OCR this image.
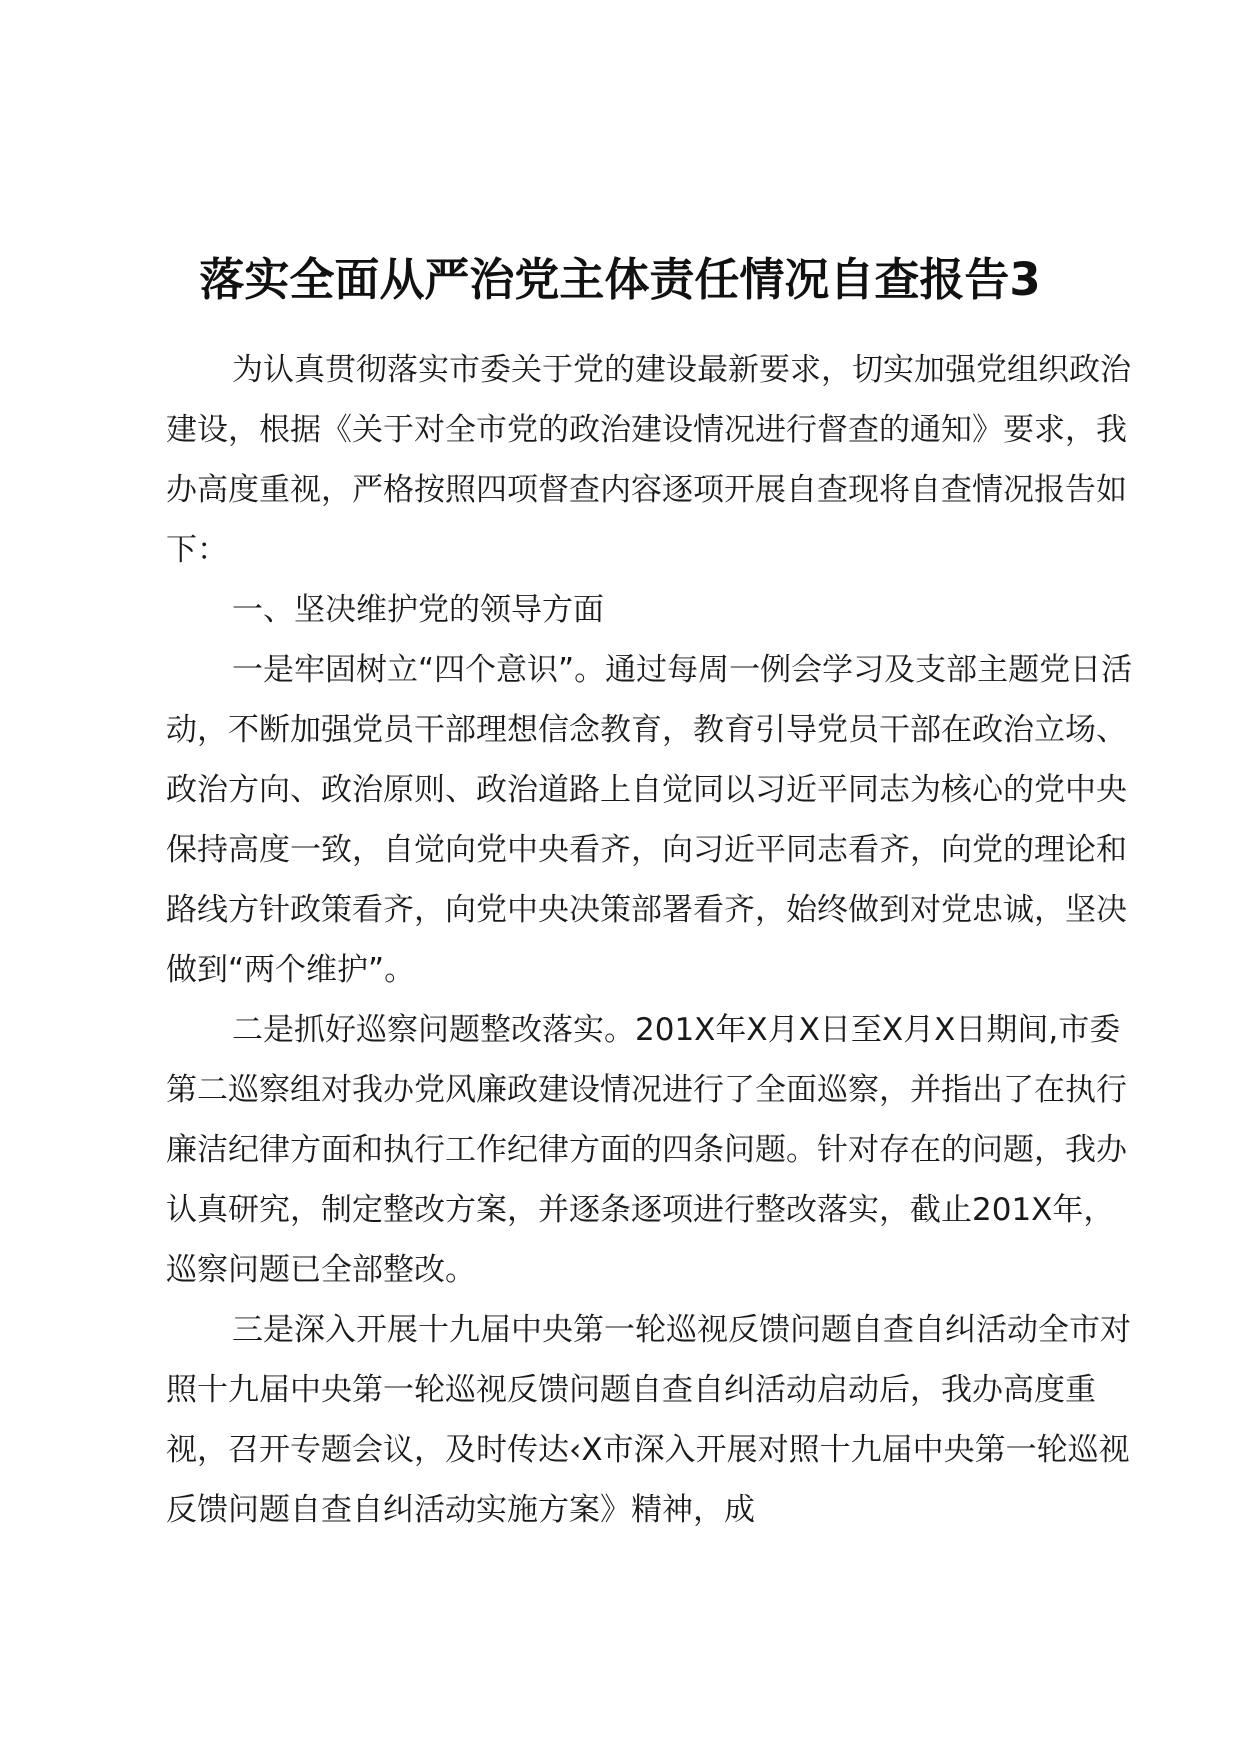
落实全面从严治党主体责任情况自查报告3

为认真贯彻落实市委关于党的建设最新要求，切实加强党组织政治建设，根据《关于对全市党的政治建设情况进行督查的通知》要求，我办高度重视，严格按照四项督查内容逐项开展自查现将自查情况报告如下：

一、坚决维护党的领导方面

一是牢固树立“四个意识”。通过每周一例会学习及支部主题党日活动，不断加强党员干部理想信念教育，教育引导党员干部在政治立场、政治方向、政治原则、政治道路上自觉同以习近平同志为核心的党中央保持高度一致，自觉向党中央看齐，向习近平同志看齐，向党的理论和路线方针政策看齐，向党中央决策部署看齐，始终做到对党忠诚，坚决做到“两个维护”。

二是抓好巡察问题整改落实。201X年X月X日至X月X日期间,市委第二巡察组对我办党风廉政建设情况进行了全面巡察，并指出了在执行廉洁纪律方面和执行工作纪律方面的四条问题。针对存在的问题，我办认真研究，制定整改方案，并逐条逐项进行整改落实，截止201X年，巡察问题已全部整改。

三是深入开展十九届中央第一轮巡视反馈问题自查自纠活动全市对照十九届中央第一轮巡视反馈问题自查自纠活动启动后，我办高度重视，召开专题会议，及时传达‹X市深入开展对照十九届中央第一轮巡视反馈问题自查自纠活动实施方案》精神，成
